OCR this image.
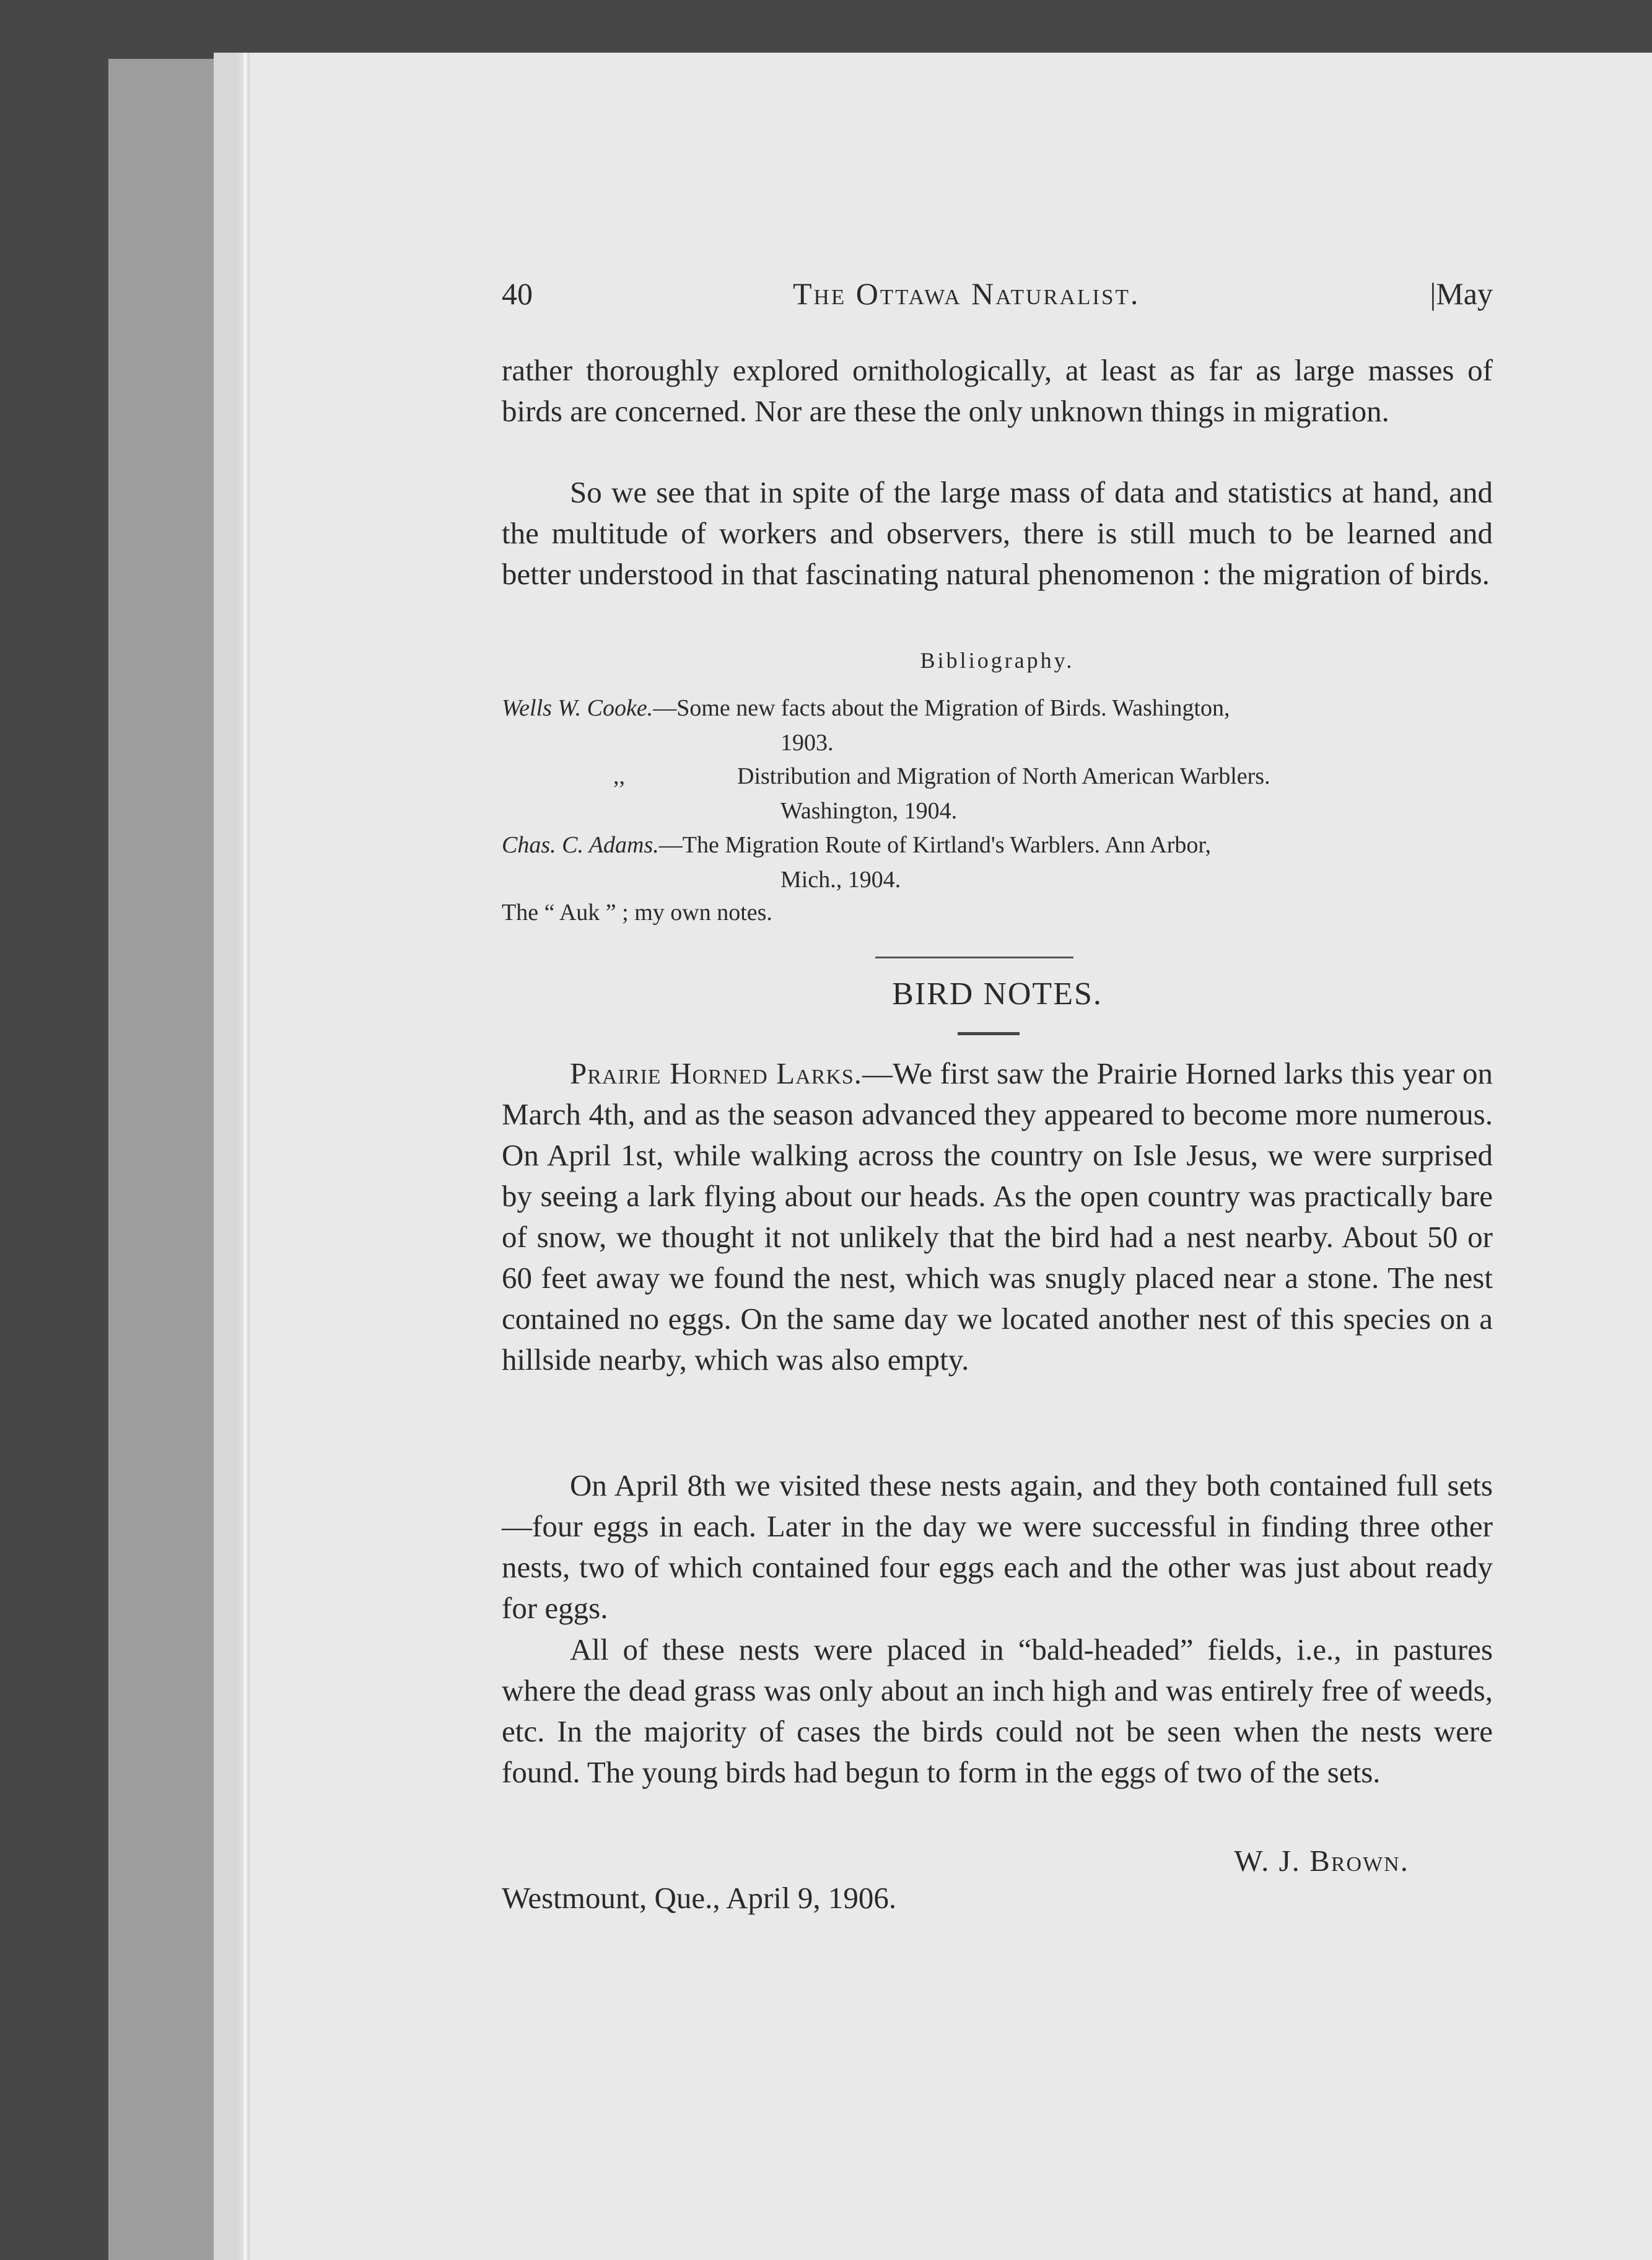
40	The Ottawa Naturalist.	|May

rather thoroughly explored ornithologically, at least as far as large masses of birds are concerned. Nor are these the only unknown things in migration.

So we see that in spite of the large mass of data and statistics at hand, and the multitude of workers and observers, there is still much to be learned and better understood in that fascinating natural phenomenon : the migration of birds.

Bibliography.
Wells W. Cooke.—Some new facts about the Migration of Birds. Washington,
1903.
,,	Distribution and Migration of North American Warblers.
Washington, 1904.
Chas. C. Adams.—The Migration Route of Kirtland's Warblers. Ann Arbor,
Mich., 1904.
The “ Auk ” ; my own notes.
BIRD NOTES.

Prairie Horned Larks.—We first saw the Prairie Horned larks this year on March 4th, and as the season advanced they appeared to become more numerous. On April 1st, while walking across the country on Isle Jesus, we were surprised by seeing a lark flying about our heads. As the open country was practically bare of snow, we thought it not unlikely that the bird had a nest nearby. About 50 or 60 feet away we found the nest, which was snugly placed near a stone. The nest contained no eggs. On the same day we located another nest of this species on a hillside nearby, which was also empty.

On April 8th we visited these nests again, and they both contained full sets—four eggs in each. Later in the day we were successful in finding three other nests, two of which contained four eggs each and the other was just about ready for eggs.

All of these nests were placed in “bald-headed” fields, i.e., in pastures where the dead grass was only about an inch high and was entirely free of weeds, etc. In the majority of cases the birds could not be seen when the nests were found. The young birds had begun to form in the eggs of two of the sets.

W. J. Brown.
Westmount, Que., April 9, 1906.
